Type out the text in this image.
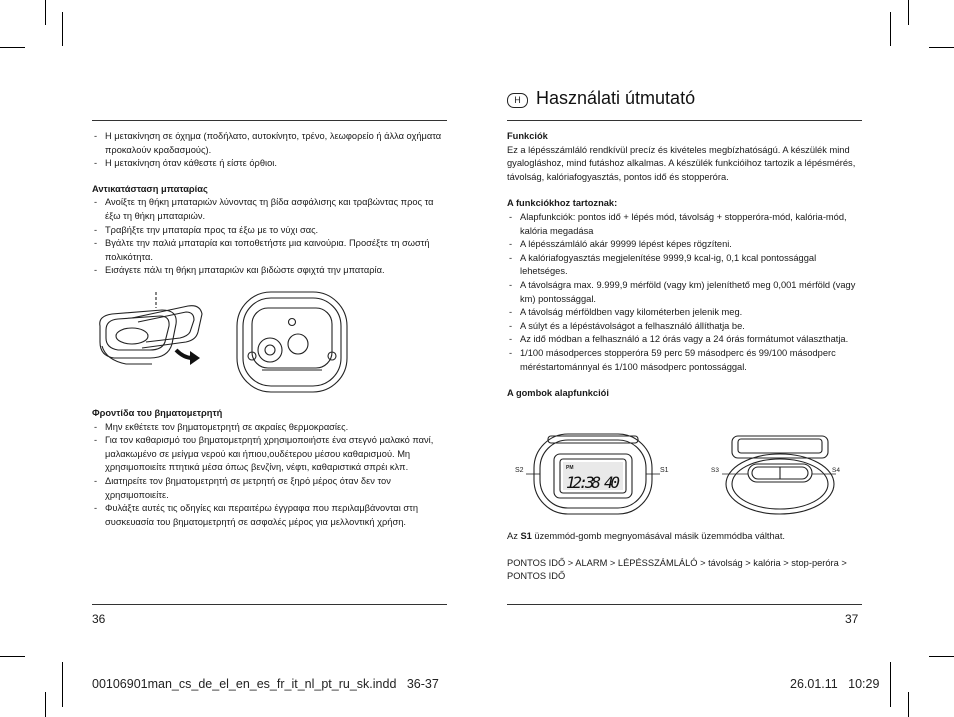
- Η μετακίνηση σε όχημα (ποδήλατο, αυτοκίνητο, τρένο, λεωφορείο ή άλλα οχήματα προκαλούν κραδασμούς).
- Η μετακίνηση όταν κάθεστε ή είστε όρθιοι.
Αντικατάσταση μπαταρίας
- Ανοίξτε τη θήκη μπαταριών λύνοντας τη βίδα ασφάλισης και τραβώντας προς τα έξω τη θήκη μπαταριών.
- Τραβήξτε την μπαταρία προς τα έξω με το νύχι σας.
- Βγάλτε την παλιά μπαταρία και τοποθετήστε μια καινούρια. Προσέξτε τη σωστή πολικότητα.
- Εισάγετε πάλι τη θήκη μπαταριών και βιδώστε σφιχτά την μπαταρία.
Φροντίδα του βηματομετρητή
- Μην εκθέτετε τον βηματομετρητή σε ακραίες θερμοκρασίες.
- Για τον καθαρισμό του βηματομετρητή χρησιμοποιήστε ένα στεγνό μαλακό πανί, μαλακωμένο σε μείγμα νερού και ήπιου,ουδέτερου μέσου καθαρισμού. Μη χρησιμοποιείτε πτητικά μέσα όπως βενζίνη, νέφτι, καθαριστικά σπρέι κλπ.
- Διατηρείτε τον βηματομετρητή σε μετρητή σε ξηρό μέρος όταν δεν τον χρησιμοποιείτε.
- Φυλάξτε αυτές τις οδηγίες και περαιτέρω έγγραφα που περιλαμβάνονται στη συσκευασία του βηματομετρητή σε ασφαλές μέρος για μελλοντική χρήση.
36
H Használati útmutató
Funkciók

Ez a lépésszámláló rendkívül precíz és kivételes megbízhatóságú. A készülék mind gyalogláshoz, mind futáshoz alkalmas. A készülék funkcióihoz tartozik a lépésmérés, távolság, kalóriafogyasztás, pontos idő és stopperóra.

A funkciókhoz tartoznak:
- Alapfunkciók: pontos idő + lépés mód, távolság + stopperóra-mód, kalória-mód, kalória megadása
- A lépésszámláló akár 99999 lépést képes rögzíteni.
- A kalóriafogyasztás megjelenítése 9999,9 kcal-ig, 0,1 kcal pontossággal lehetséges.
- A távolságra max. 9.999,9 mérföld (vagy km) jeleníthető meg 0,001 mérföld (vagy km) pontossággal.
- A távolság mérföldben vagy kilométerben jelenik meg.
- A súlyt és a lépéstávolságot a felhasználó állíthatja be.
- Az idő módban a felhasználó a 12 órás vagy a 24 órás formátumot választhatja.
- 1/100 másodperces stopperóra 59 perc 59 másodperc és 99/100 másodperc méréstartománnyal és 1/100 másodperc pontossággal.
A gombok alapfunkciói
PM
12:38 40
S2	S1	S3	S4

Az S1 üzemmód-gomb megnyomásával másik üzemmódba válthat.

PONTOS IDŐ > ALARM > LÉPÉSSZÁMLÁLÓ > távolság > kalória > stop-peróra > PONTOS IDŐ

37
00106901man_cs_de_el_en_es_fr_it_nl_pt_ru_sk.indd   36-37	26.01.11   10:29
